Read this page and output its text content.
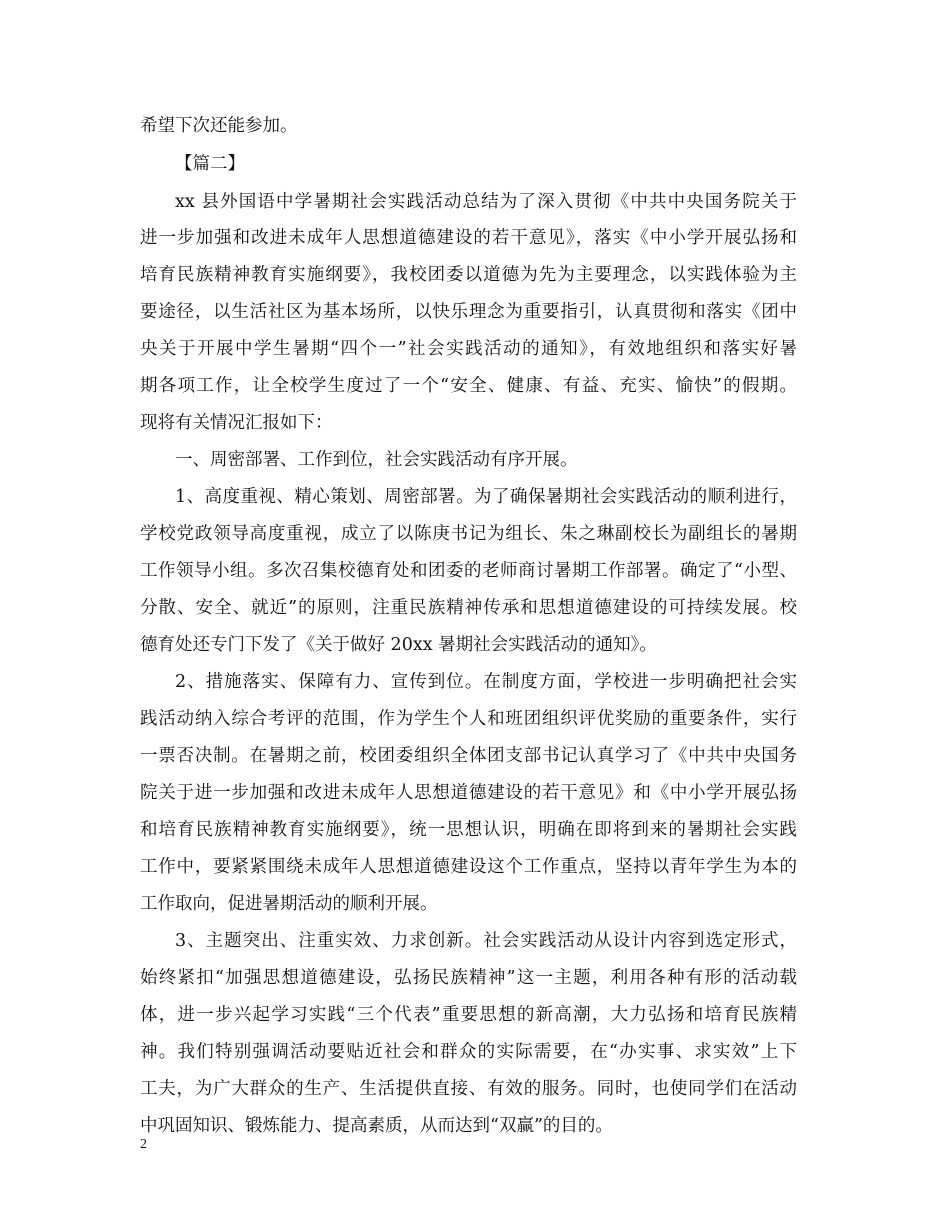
希望下次还能参加。
【篇二】
xx 县外国语中学暑期社会实践活动总结为了深入贯彻《中共中央国务院关于
进一步加强和改进未成年人思想道德建设的若干意见》，落实《中小学开展弘扬和
培育民族精神教育实施纲要》，我校团委以道德为先为主要理念，以实践体验为主
要途径，以生活社区为基本场所，以快乐理念为重要指引，认真贯彻和落实《团中
央关于开展中学生暑期“四个一”社会实践活动的通知》，有效地组织和落实好暑
期各项工作，让全校学生度过了一个“安全、健康、有益、充实、愉快”的假期。
现将有关情况汇报如下：
一、周密部署、工作到位，社会实践活动有序开展。
1、高度重视、精心策划、周密部署。为了确保暑期社会实践活动的顺利进行，
学校党政领导高度重视，成立了以陈庚书记为组长、朱之琳副校长为副组长的暑期
工作领导小组。多次召集校德育处和团委的老师商讨暑期工作部署。确定了“小型、
分散、安全、就近”的原则，注重民族精神传承和思想道德建设的可持续发展。校
德育处还专门下发了《关于做好 20xx 暑期社会实践活动的通知》。
2、措施落实、保障有力、宣传到位。在制度方面，学校进一步明确把社会实
践活动纳入综合考评的范围，作为学生个人和班团组织评优奖励的重要条件，实行
一票否决制。在暑期之前，校团委组织全体团支部书记认真学习了《中共中央国务
院关于进一步加强和改进未成年人思想道德建设的若干意见》和《中小学开展弘扬
和培育民族精神教育实施纲要》，统一思想认识，明确在即将到来的暑期社会实践
工作中，要紧紧围绕未成年人思想道德建设这个工作重点，坚持以青年学生为本的
工作取向，促进暑期活动的顺利开展。
3、主题突出、注重实效、力求创新。社会实践活动从设计内容到选定形式，
始终紧扣“加强思想道德建设，弘扬民族精神”这一主题，利用各种有形的活动载
体，进一步兴起学习实践“三个代表”重要思想的新高潮，大力弘扬和培育民族精
神。我们特别强调活动要贴近社会和群众的实际需要，在“办实事、求实效”上下
工夫，为广大群众的生产、生活提供直接、有效的服务。同时，也使同学们在活动
中巩固知识、锻炼能力、提高素质，从而达到“双赢”的目的。
2
